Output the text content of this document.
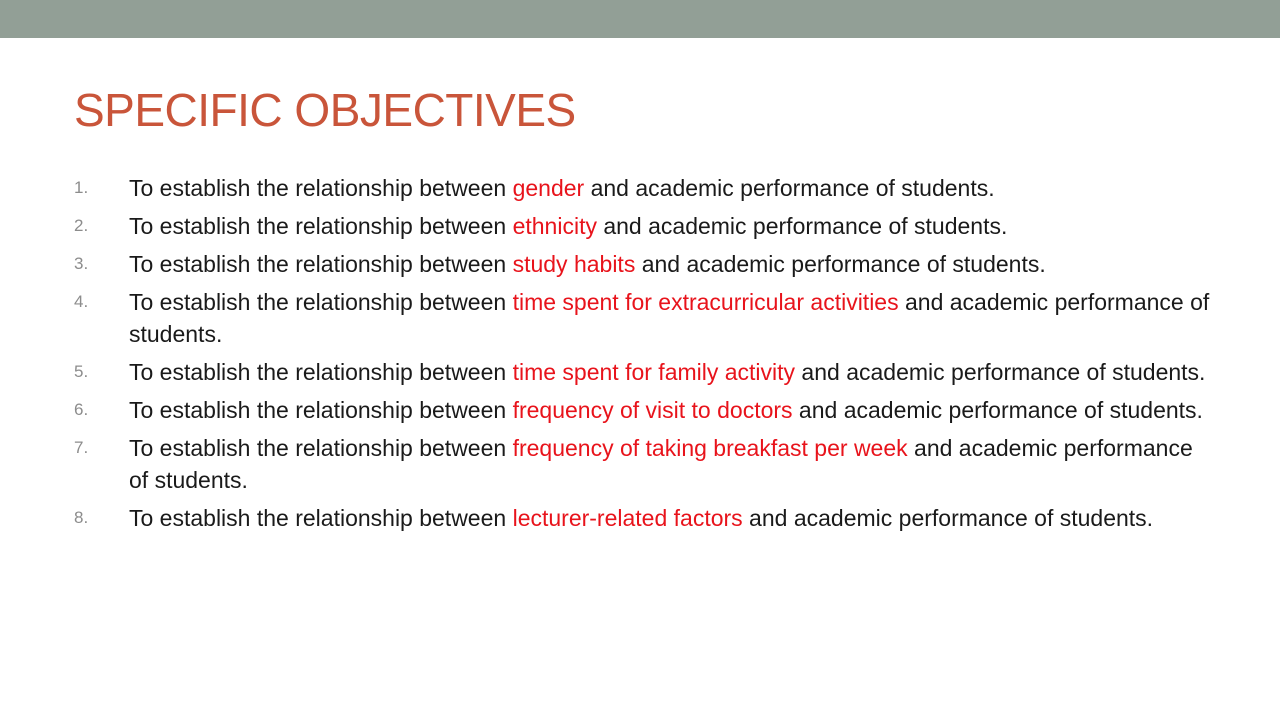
SPECIFIC OBJECTIVES
1. To establish the relationship between gender and academic performance of students.
2. To establish the relationship between ethnicity and academic performance of students.
3. To establish the relationship between study habits and academic performance of students.
4. To establish the relationship between time spent for extracurricular activities and academic performance of students.
5. To establish the relationship between time spent for family activity and academic performance of students.
6. To establish the relationship between frequency of visit to doctors and academic performance of students.
7. To establish the relationship between frequency of taking breakfast per week and academic performance of students.
8. To establish the relationship between lecturer-related factors and academic performance of students.
